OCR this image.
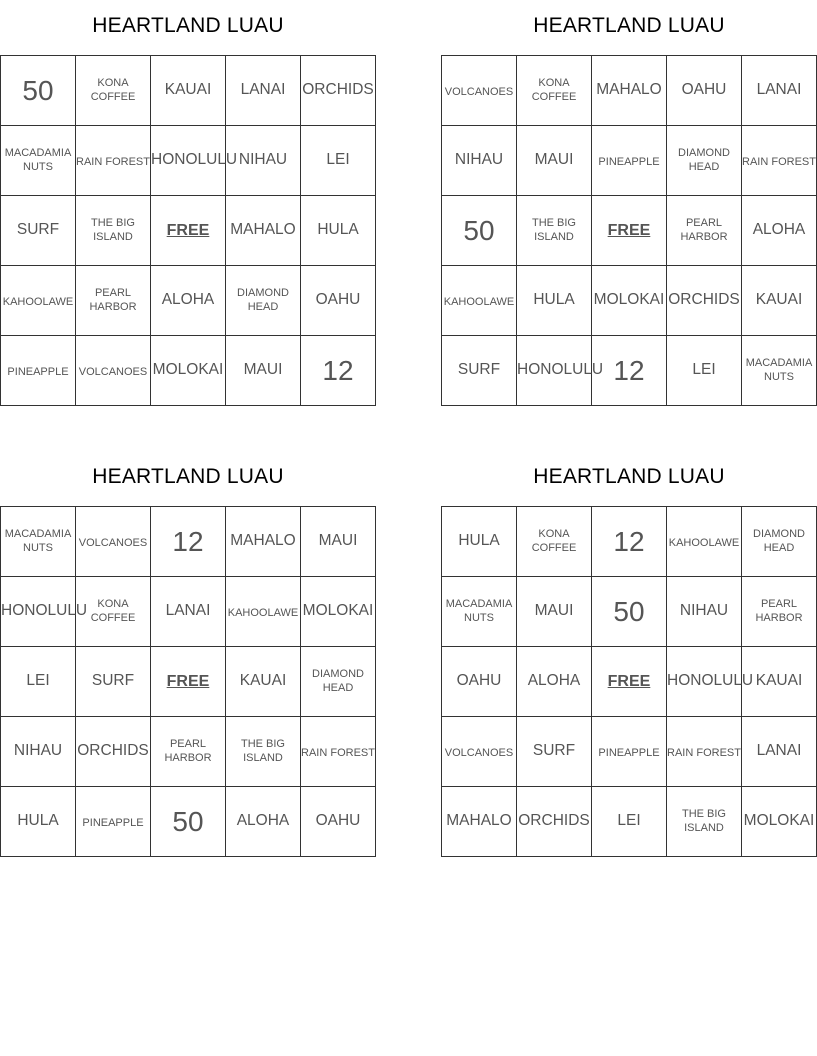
HEARTLAND LUAU
50	KONA COFFEE	KAUAI	LANAI	ORCHIDS
MACADAMIA NUTS	RAIN FOREST	HONOLULU	NIHAU	LEI
SURF	THE BIG ISLAND	FREE	MAHALO	HULA
KAHOOLAWE	PEARL HARBOR	ALOHA	DIAMOND HEAD	OAHU
PINEAPPLE	VOLCANOES	MOLOKAI	MAUI	12
HEARTLAND LUAU
VOLCANOES	KONA COFFEE	MAHALO	OAHU	LANAI
NIHAU	MAUI	PINEAPPLE	DIAMOND HEAD	RAIN FOREST
50	THE BIG ISLAND	FREE	PEARL HARBOR	ALOHA
KAHOOLAWE	HULA	MOLOKAI	ORCHIDS	KAUAI
SURF	HONOLULU	12	LEI	MACADAMIA NUTS
HEARTLAND LUAU
MACADAMIA NUTS	VOLCANOES	12	MAHALO	MAUI
HONOLULU	KONA COFFEE	LANAI	KAHOOLAWE	MOLOKAI
LEI	SURF	FREE	KAUAI	DIAMOND HEAD
NIHAU	ORCHIDS	PEARL HARBOR	THE BIG ISLAND	RAIN FOREST
HULA	PINEAPPLE	50	ALOHA	OAHU
HEARTLAND LUAU
HULA	KONA COFFEE	12	KAHOOLAWE	DIAMOND HEAD
MACADAMIA NUTS	MAUI	50	NIHAU	PEARL HARBOR
OAHU	ALOHA	FREE	HONOLULU	KAUAI
VOLCANOES	SURF	PINEAPPLE	RAIN FOREST	LANAI
MAHALO	ORCHIDS	LEI	THE BIG ISLAND	MOLOKAI
